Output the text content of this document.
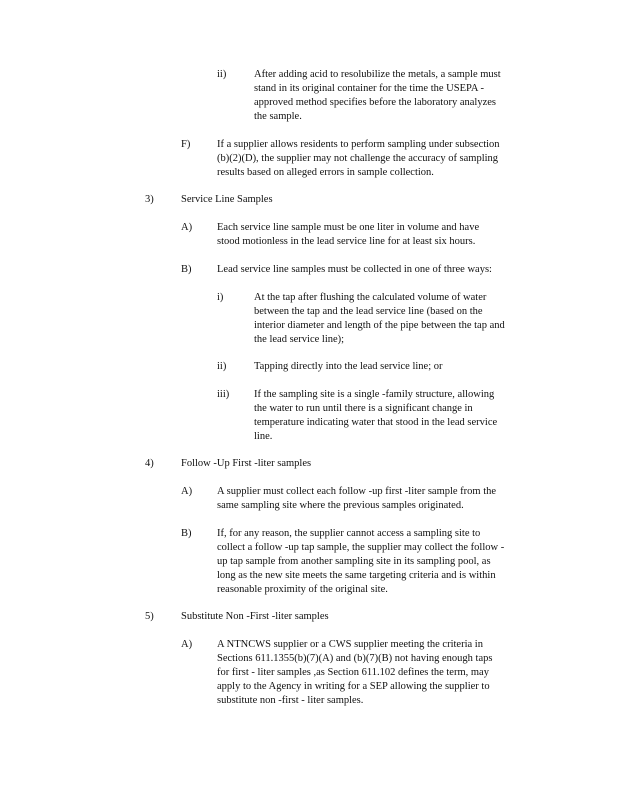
ii)	After adding acid to resolubilize the metals, a sample must
stand in its original container for the time the USEPA -
approved method specifies before the laboratory analyzes
the sample.
F)	If a supplier allows residents to perform sampling under subsection
(b)(2)(D), the supplier may not challenge the accuracy of sampling
results based on alleged errors in sample collection.
3)	Service Line Samples
A) Each service line sample must be one liter in volume and have
stood motionless in the lead service line for at least six hours.
B) Lead service line samples must be collected in one of three ways:
i)	At the tap after flushing the calculated volume of water
between the tap and the lead service line (based on the
interior diameter and length of the pipe between the tap and
the lead service line);
ii)	Tapping directly into the lead service line; or
iii) If the sampling site is a single -family structure, allowing
the water to run until there is a significant change in
temperature indicating water that stood in the lead service
line.
4)	Follow -Up First -liter samples
A) A supplier must collect each follow -up first -liter sample from the
same sampling site where the previous samples originated.
B) If, for any reason, the supplier cannot access a sampling site to
collect a follow -up tap sample, the supplier may collect the follow -
up tap sample from another sampling site in its sampling pool, as
long as the new site meets the same targeting criteria and is within
reasonable proximity of the original site.
5)	Substitute Non -First -liter samples
A) A NTNCWS supplier or a CWS supplier meeting the criteria in
Sections 611.1355(b)(7)(A) and (b)(7)(B) not having enough taps
for first - liter samples ,as Section 611.102 defines the term, may
apply to the Agency in writing for a SEP allowing the supplier to
substitute non -first - liter samples.
